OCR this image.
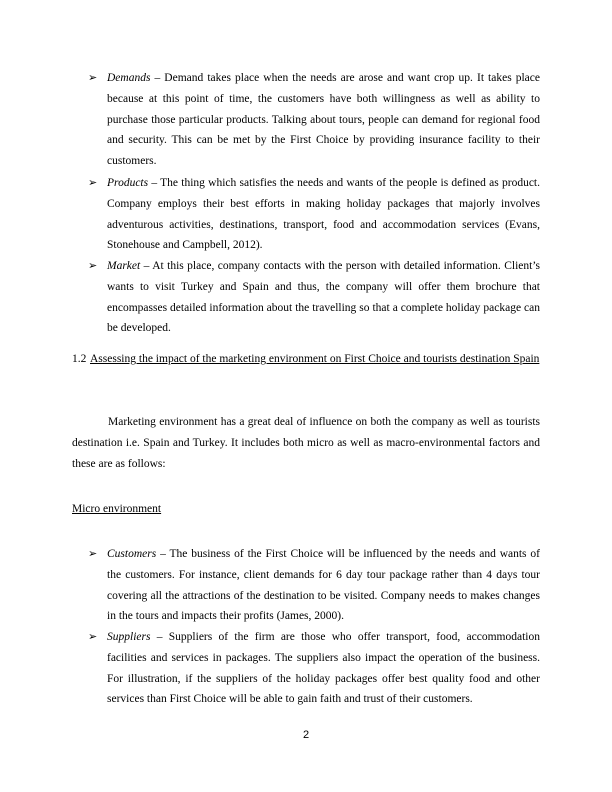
➢ Demands – Demand takes place when the needs are arose and want crop up. It takes place because at this point of time, the customers have both willingness as well as ability to purchase those particular products. Talking about tours, people can demand for regional food and security. This can be met by the First Choice by providing insurance facility to their customers.

➢ Products – The thing which satisfies the needs and wants of the people is defined as product. Company employs their best efforts in making holiday packages that majorly involves adventurous activities, destinations, transport, food and accommodation services (Evans, Stonehouse and Campbell, 2012).

➢ Market – At this place, company contacts with the person with detailed information. Client’s wants to visit Turkey and Spain and thus, the company will offer them brochure that encompasses detailed information about the travelling so that a complete holiday package can be developed.

1.2 Assessing the impact of the marketing environment on First Choice and tourists destination Spain

Marketing environment has a great deal of influence on both the company as well as tourists destination i.e. Spain and Turkey. It includes both micro as well as macro-environmental factors and these are as follows:

Micro environment
➢ Customers – The business of the First Choice will be influenced by the needs and wants of the customers. For instance, client demands for 6 day tour package rather than 4 days tour covering all the attractions of the destination to be visited. Company needs to makes changes in the tours and impacts their profits (James, 2000).

➢ Suppliers – Suppliers of the firm are those who offer transport, food, accommodation facilities and services in packages. The suppliers also impact the operation of the business. For illustration, if the suppliers of the holiday packages offer best quality food and other services than First Choice will be able to gain faith and trust of their customers.

2
